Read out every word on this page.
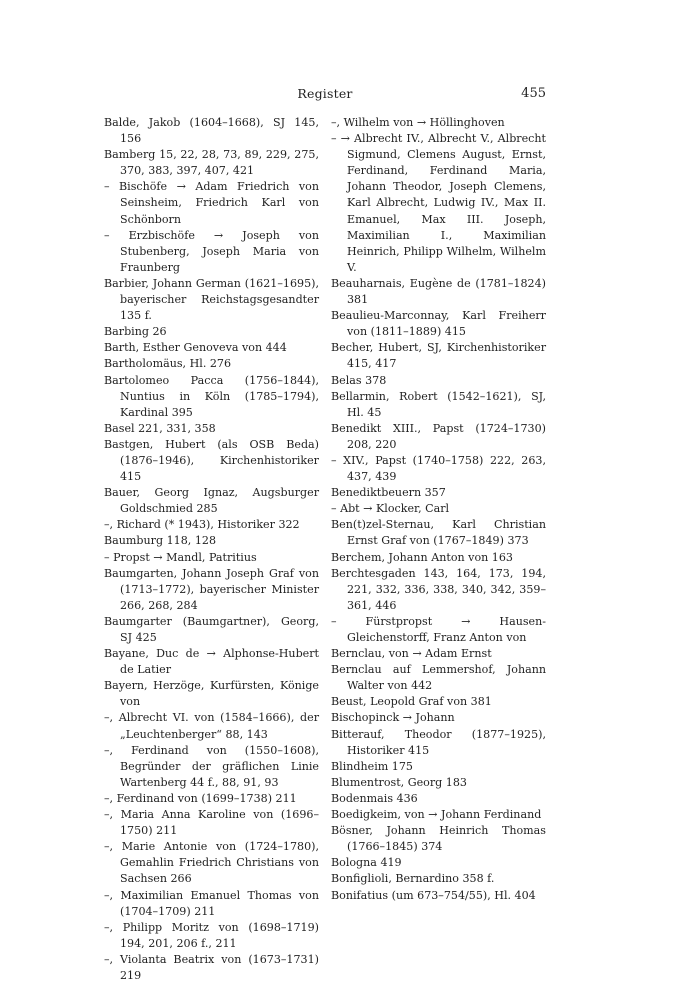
Register	455

Balde, Jakob (1604–1668), SJ 145, 156

Bamberg 15, 22, 28, 73, 89, 229, 275, 370, 383, 397, 407, 421

– Bischöfe → Adam Friedrich von Seinsheim, Friedrich Karl von Schönborn

– Erzbischöfe → Joseph von Stubenberg, Joseph Maria von Fraunberg

Barbier, Johann German (1621–1695), bayerischer Reichstagsgesandter 135 f.

Barbing 26

Barth, Esther Genoveva von 444

Bartholomäus, Hl. 276

Bartolomeo Pacca (1756–1844), Nuntius in Köln (1785–1794), Kardinal 395

Basel 221, 331, 358

Bastgen, Hubert (als OSB Beda) (1876–1946), Kirchenhistoriker 415

Bauer, Georg Ignaz, Augsburger Goldschmied 285

–, Richard (* 1943), Historiker 322

Baumburg 118, 128

– Propst → Mandl, Patritius

Baumgarten, Johann Joseph Graf von (1713–1772), bayerischer Minister 266, 268, 284

Baumgarter (Baumgartner), Georg, SJ 425

Bayane, Duc de → Alphonse-Hubert de Latier

Bayern, Herzöge, Kurfürsten, Könige von

–, Albrecht VI. von (1584–1666), der „Leuchtenberger“ 88, 143

–, Ferdinand von (1550–1608), Begründer der gräflichen Linie Wartenberg 44 f., 88, 91, 93

–, Ferdinand von (1699–1738) 211

–, Maria Anna Karoline von (1696–1750) 211

–, Marie Antonie von (1724–1780), Gemahlin Friedrich Christians von Sachsen 266

–, Maximilian Emanuel Thomas von (1704–1709) 211

–, Philipp Moritz von (1698–1719) 194, 201, 206 f., 211

–, Violanta Beatrix von (1673–1731) 219

–, Wilhelm von → Höllinghoven

– → Albrecht IV., Albrecht V., Albrecht Sigmund, Clemens August, Ernst, Ferdinand, Ferdinand Maria, Johann Theodor, Joseph Clemens, Karl Albrecht, Ludwig IV., Max II. Emanuel, Max III. Joseph, Maximilian I., Maximilian Heinrich, Philipp Wilhelm, Wilhelm V.

Beauharnais, Eugène de (1781–1824) 381

Beaulieu-Marconnay, Karl Freiherr von (1811–1889) 415

Becher, Hubert, SJ, Kirchenhistoriker 415, 417

Belas 378

Bellarmin, Robert (1542–1621), SJ, Hl. 45

Benedikt XIII., Papst (1724–1730) 208, 220

– XIV., Papst (1740–1758) 222, 263, 437, 439

Benediktbeuern 357

– Abt → Klocker, Carl

Ben(t)zel-Sternau, Karl Christian Ernst Graf von (1767–1849) 373

Berchem, Johann Anton von 163

Berchtesgaden 143, 164, 173, 194, 221, 332, 336, 338, 340, 342, 359–361, 446

– Fürstpropst → Hausen-Gleichenstorff, Franz Anton von

Bernclau, von → Adam Ernst

Bernclau auf Lemmershof, Johann Walter von 442

Beust, Leopold Graf von 381

Bischopinck → Johann

Bitterauf, Theodor (1877–1925), Historiker 415

Blindheim 175

Blumentrost, Georg 183

Bodenmais 436

Boedigkeim, von → Johann Ferdinand

Bösner, Johann Heinrich Thomas (1766–1845) 374

Bologna 419

Bonfiglioli, Bernardino 358 f.

Bonifatius (um 673–754/55), Hl. 404
